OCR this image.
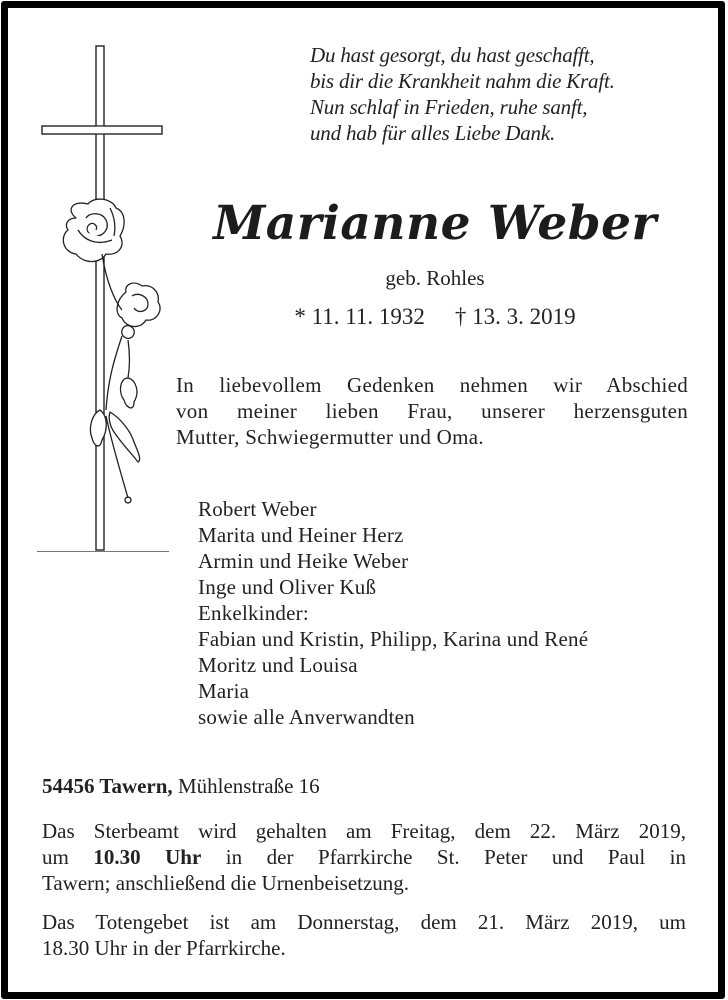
Du hast gesorgt, du hast geschafft,
bis dir die Krankheit nahm die Kraft.
Nun schlaf in Frieden, ruhe sanft,
und hab für alles Liebe Dank.
Marianne Weber
geb. Rohles
* 11. 11. 1932 † 13. 3. 2019
In liebevollem Gedenken nehmen wir Abschied
von meiner lieben Frau, unserer herzensguten
Mutter, Schwiegermutter und Oma.
Robert Weber
Marita und Heiner Herz
Armin und Heike Weber
Inge und Oliver Kuß
Enkelkinder:
Fabian und Kristin, Philipp, Karina und René
Moritz und Louisa
Maria
sowie alle Anverwandten
54456 Tawern, Mühlenstraße 16
Das Sterbeamt wird gehalten am Freitag, dem 22. März 2019,
um 10.30 Uhr in der Pfarrkirche St. Peter und Paul in
Tawern; anschließend die Urnenbeisetzung.
Das Totengebet ist am Donnerstag, dem 21. März 2019, um
18.30 Uhr in der Pfarrkirche.
